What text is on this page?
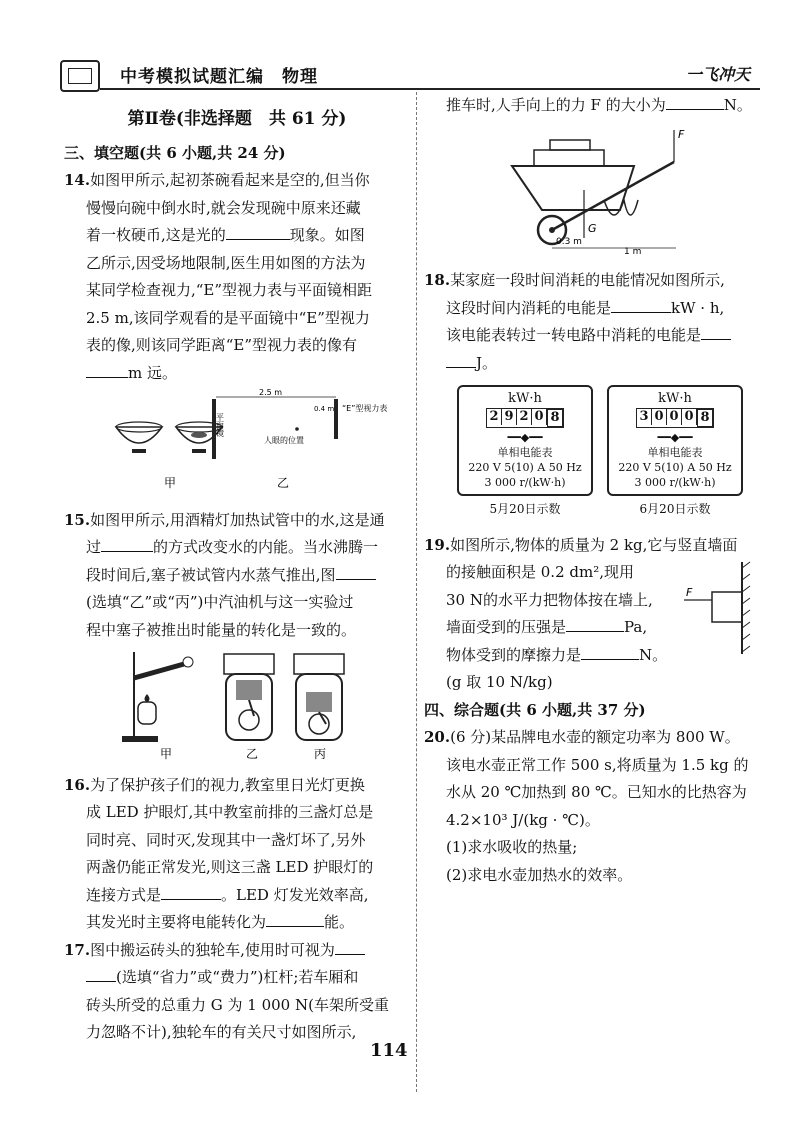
中考模拟试题汇编　物理	一飞冲天
第Ⅱ卷(非选择题　共 61 分)
三、填空题(共 6 小题,共 24 分)

14.如图甲所示,起初茶碗看起来是空的,但当你

慢慢向碗中倒水时,就会发现碗中原来还藏

着一枚硬币,这是光的	现象。如图

乙所示,因受场地限制,医生用如图的方法为

某同学检查视力,“E”型视力表与平面镜相距

2.5 m,该同学观看的是平面镜中“E”型视力

表的像,则该同学距离“E”型视力表的像有

m 远。

甲
平面镜
2.5 m
0.4 m
人眼的位置
“E”型视力表
乙

15.如图甲所示,用酒精灯加热试管中的水,这是通

过	的方式改变水的内能。当水沸腾一

段时间后,塞子被试管内水蒸气推出,图

(选填“乙”或“丙”)中汽油机与这一实验过

程中塞子被推出时能量的转化是一致的。

甲	乙	丙

16.为了保护孩子们的视力,教室里日光灯更换

成 LED 护眼灯,其中教室前排的三盏灯总是

同时亮、同时灭,发现其中一盏灯坏了,另外

两盏仍能正常发光,则这三盏 LED 护眼灯的

连接方式是	。LED 灯发光效率高,

其发光时主要将电能转化为	能。

17.图中搬运砖头的独轮车,使用时可视为

(选填“省力”或“费力”)杠杆;若车厢和

砖头所受的总重力 G 为 1 000 N(车架所受重

力忽略不计),独轮车的有关尺寸如图所示,

推车时,人手向上的力 F 的大小为	N。

F
G
0.3 m
1 m

18.某家庭一段时间消耗的电能情况如图所示,

这段时间内消耗的电能是	kW · h,

该电能表转过一转电路中消耗的电能是

J。

kW·h
2 9 2 0 8
━━◆━━
单相电能表
220 V 5(10) A 50 Hz
3 000 r/(kW·h)
kW·h
3 0 0 0 8
━━◆━━
单相电能表
220 V 5(10) A 50 Hz
3 000 r/(kW·h)
5月20日示数	6月20日示数

19.如图所示,物体的质量为 2 kg,它与竖直墙面

的接触面积是 0.2 dm²,现用

30 N的水平力把物体按在墙上,

墙面受到的压强是	Pa,

物体受到的摩擦力是	N。

(g 取 10 N/kg)

F
四、综合题(共 6 小题,共 37 分)

20.(6 分)某品牌电水壶的额定功率为 800 W。

该电水壶正常工作 500 s,将质量为 1.5 kg 的

水从 20 ℃加热到 80 ℃。已知水的比热容为

4.2×10³ J/(kg · ℃)。

(1)求水吸收的热量;

(2)求电水壶加热水的效率。

114
